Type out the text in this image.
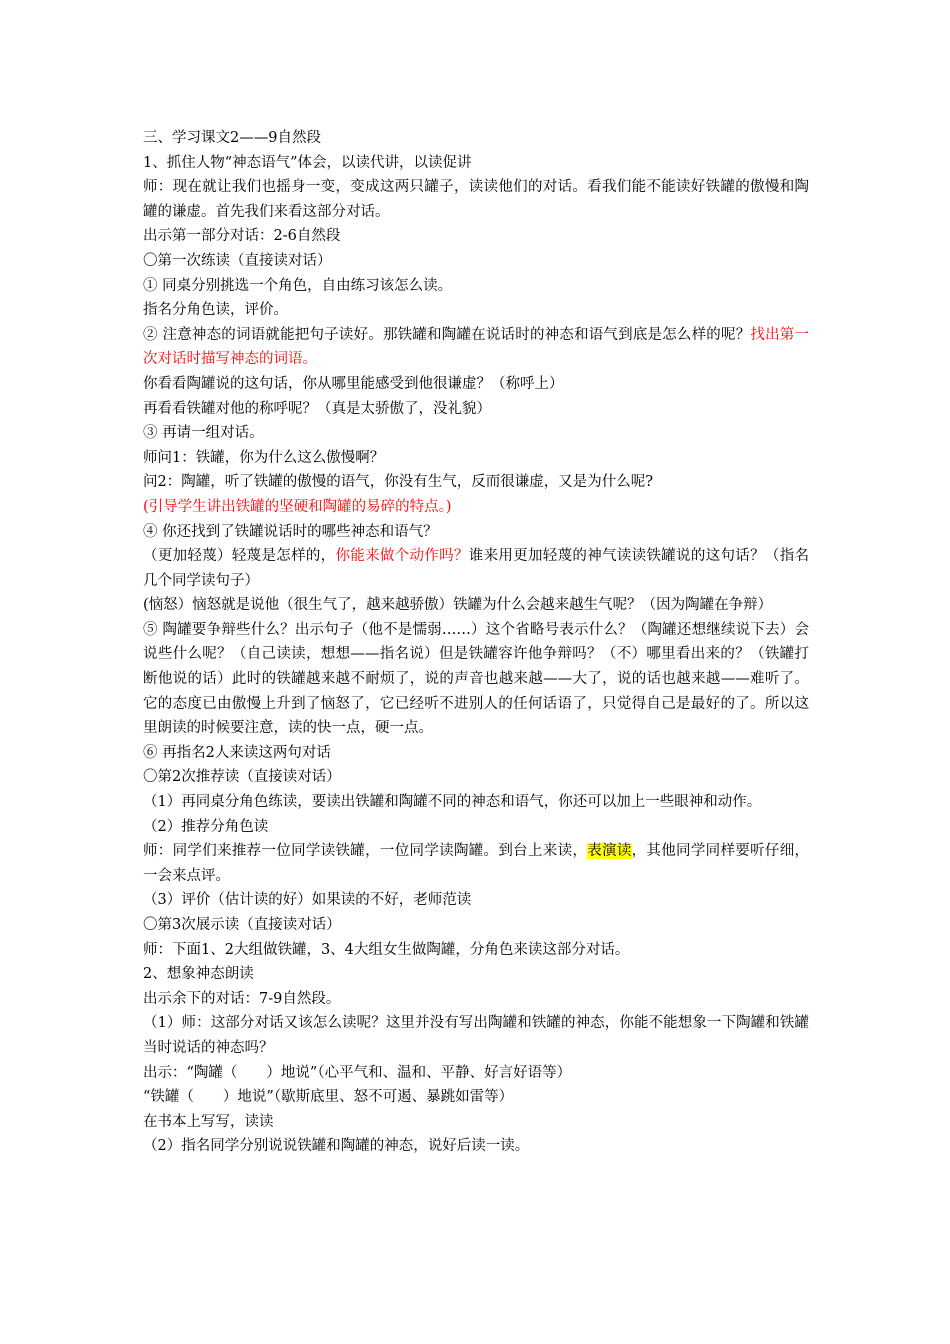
三、学习课文2——9自然段

1、抓住人物“神态语气”体会，以读代讲，以读促讲

师：现在就让我们也摇身一变，变成这两只罐子，读读他们的对话。看我们能不能读好铁罐的傲慢和陶罐的谦虚。首先我们来看这部分对话。

出示第一部分对话：2-6自然段

〇第一次练读（直接读对话）

① 同桌分别挑选一个角色，自由练习该怎么读。

指名分角色读，评价。

② 注意神态的词语就能把句子读好。那铁罐和陶罐在说话时的神态和语气到底是怎么样的呢？找出第一次对话时描写神态的词语。

你看看陶罐说的这句话，你从哪里能感受到他很谦虚？（称呼上）

再看看铁罐对他的称呼呢？（真是太骄傲了，没礼貌）

③ 再请一组对话。

师问1：铁罐，你为什么这么傲慢啊？

问2：陶罐，听了铁罐的傲慢的语气，你没有生气，反而很谦虚，又是为什么呢?

(引导学生讲出铁罐的坚硬和陶罐的易碎的特点。)

④ 你还找到了铁罐说话时的哪些神态和语气？

（更加轻蔑）轻蔑是怎样的，你能来做个动作吗？谁来用更加轻蔑的神气读读铁罐说的这句话？（指名几个同学读句子）

(恼怒）恼怒就是说他（很生气了，越来越骄傲）铁罐为什么会越来越生气呢？（因为陶罐在争辩）

⑤ 陶罐要争辩些什么？出示句子（他不是懦弱……）这个省略号表示什么？（陶罐还想继续说下去）会说些什么呢？（自己读读，想想——指名说）但是铁罐容许他争辩吗？（不）哪里看出来的？（铁罐打断他说的话）此时的铁罐越来越不耐烦了，说的声音也越来越——大了，说的话也越来越——难听了。它的态度已由傲慢上升到了恼怒了，它已经听不进别人的任何话语了，只觉得自己是最好的了。所以这里朗读的时候要注意，读的快一点，硬一点。

⑥ 再指名2人来读这两句对话

〇第2次推荐读（直接读对话）

（1）再同桌分角色练读，要读出铁罐和陶罐不同的神态和语气，你还可以加上一些眼神和动作。

（2）推荐分角色读

师：同学们来推荐一位同学读铁罐，一位同学读陶罐。到台上来读，表演读，其他同学同样要听仔细，一会来点评。

（3）评价（估计读的好）如果读的不好，老师范读

〇第3次展示读（直接读对话）

师：下面1、2大组做铁罐，3、4大组女生做陶罐，分角色来读这部分对话。

2、想象神态朗读

出示余下的对话：7-9自然段。

（1）师：这部分对话又该怎么读呢？这里并没有写出陶罐和铁罐的神态，你能不能想象一下陶罐和铁罐当时说话的神态吗？

出示：“陶罐（　　）地说”（心平气和、温和、平静、好言好语等）

“铁罐（　　）地说”（歇斯底里、怒不可遏、暴跳如雷等）

在书本上写写，读读

（2）指名同学分别说说铁罐和陶罐的神态，说好后读一读。
